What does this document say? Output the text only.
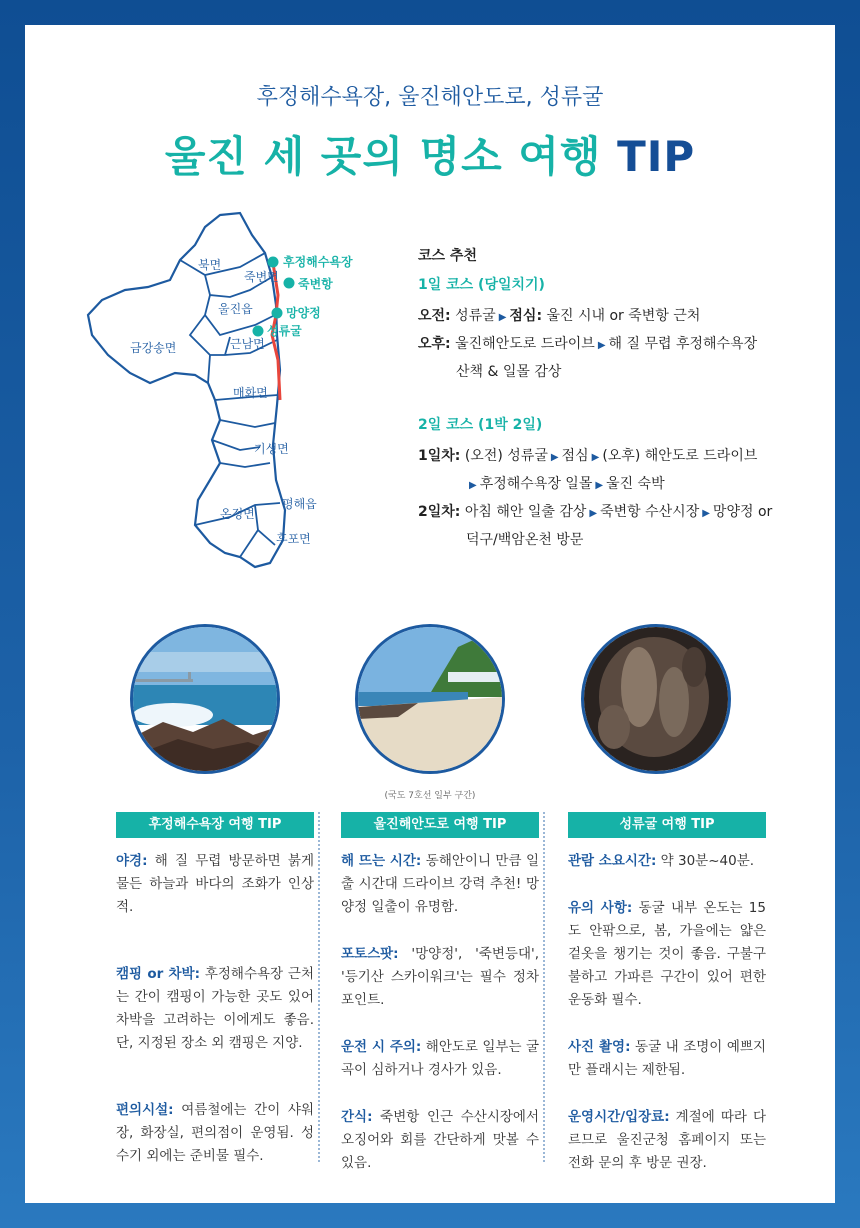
후정해수욕장, 울진해안도로, 성류굴
울진 세 곳의 명소 여행 TIP
북면
죽변면
울진읍
근남면
금강송면
매화면
기성면
온정면
평해읍
후포면
후정해수욕장
죽변항
망양정
성류굴
코스 추천
1일 코스 (당일치기)
오전: 성류굴 ▶ 점심: 울진 시내 or 죽변항 근처
오후: 울진해안도로 드라이브 ▶ 해 질 무렵 후정해수욕장
산책 & 일몰 감상
2일 코스 (1박 2일)
1일차: (오전) 성류굴 ▶ 점심 ▶ (오후) 해안도로 드라이브
▶ 후정해수욕장 일몰 ▶ 울진 숙박
2일차: 아침 해안 일출 감상 ▶ 죽변항 수산시장 ▶ 망양정 or
덕구/백암온천 방문
(국도 7호선 일부 구간)
후정해수욕장 여행 TIP
야경: 해 질 무렵 방문하면 붉게 물든 하늘과 바다의 조화가 인상적.
캠핑 or 차박: 후정해수욕장 근처는 간이 캠핑이 가능한 곳도 있어 차박을 고려하는 이에게도 좋음. 단, 지정된 장소 외 캠핑은 지양.
편의시설: 여름철에는 간이 샤워장, 화장실, 편의점이 운영됨. 성수기 외에는 준비물 필수.
울진해안도로 여행 TIP
해 뜨는 시간: 동해안이니 만큼 일출 시간대 드라이브 강력 추천! 망양정 일출이 유명함.
포토스팟: '망양정', '죽변등대', '등기산 스카이워크'는 필수 정차 포인트.
운전 시 주의: 해안도로 일부는 굴곡이 심하거나 경사가 있음.
간식: 죽변항 인근 수산시장에서 오징어와 회를 간단하게 맛볼 수 있음.
성류굴 여행 TIP
관람 소요시간: 약 30분~40분.
유의 사항: 동굴 내부 온도는 15도 안팎으로, 봄, 가을에는 얇은 겉옷을 챙기는 것이 좋음. 구불구불하고 가파른 구간이 있어 편한 운동화 필수.
사진 촬영: 동굴 내 조명이 예쁘지만 플래시는 제한됨.
운영시간/입장료: 계절에 따라 다르므로 울진군청 홈페이지 또는 전화 문의 후 방문 권장.
